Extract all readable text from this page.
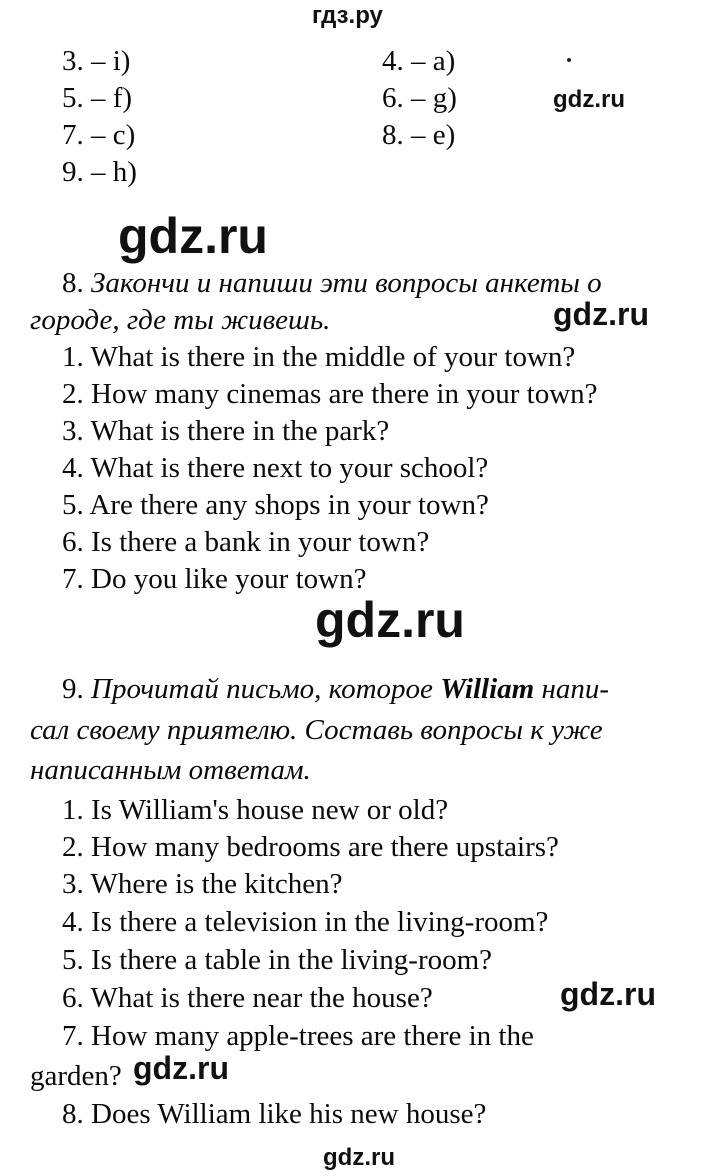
гдз.ру
3. – i)	4. – a)
5. – f)	6. – g)	gdz.ru
7. – c)	8. – e)
9. – h)
gdz.ru
8. Закончи и напиши эти вопросы анкеты о
городе, где ты живешь.	gdz.ru
1. What is there in the middle of your town?
2. How many cinemas are there in your town?
3. What is there in the park?
4. What is there next to your school?
5. Are there any shops in your town?
6. Is there a bank in your town?
7. Do you like your town?
gdz.ru
9. Прочитай письмо, которое William напи-
сал своему приятелю. Составь вопросы к уже
написанным ответам.
1. Is William's house new or old?
2. How many bedrooms are there upstairs?
3. Where is the kitchen?
4. Is there a television in the living-room?
5. Is there a table in the living-room?
6. What is there near the house?	gdz.ru
7. How many apple-trees are there in the
garden? gdz.ru
8. Does William like his new house?
gdz.ru
